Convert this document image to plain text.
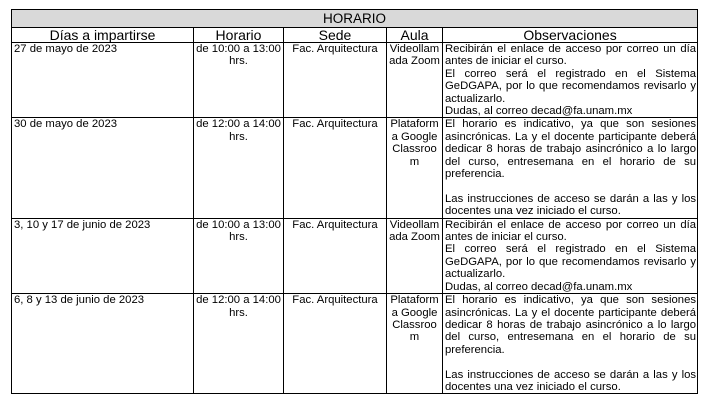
HORARIO				
Días a impartirse	Horario	Sede	Aula	Observaciones
27 de mayo de 2023	de 10:00 a 13:00 hrs.	Fac. Arquitectura	Videollamada Zoom	Recibirán el enlace de acceso por correo un día antes de iniciar el curso.
El correo será el registrado en el Sistema GeDGAPA, por lo que recomendamos revisarlo y actualizarlo.
Dudas, al correo decad@fa.unam.mx

30 de mayo de 2023	de 12:00 a 14:00 hrs.	Fac. Arquitectura	Plataforma Google Classroom	El horario es indicativo, ya que son sesiones asincrónicas. La y el docente participante deberá dedicar 8 horas de trabajo asincrónico a lo largo del curso, entresemana en el horario de su preferencia.
Las instrucciones de acceso se darán a las y los docentes una vez iniciado el curso.

3, 10 y 17 de junio de 2023	de 10:00 a 13:00 hrs.	Fac. Arquitectura	Videollamada Zoom	Recibirán el enlace de acceso por correo un día antes de iniciar el curso.
El correo será el registrado en el Sistema GeDGAPA, por lo que recomendamos revisarlo y actualizarlo.
Dudas, al correo decad@fa.unam.mx

6, 8 y 13 de junio de 2023	de 12:00 a 14:00 hrs.	Fac. Arquitectura	Plataforma Google Classroom	El horario es indicativo, ya que son sesiones asincrónicas. La y el docente participante deberá dedicar 8 horas de trabajo asincrónico a lo largo del curso, entresemana en el horario de su preferencia.
Las instrucciones de acceso se darán a las y los docentes una vez iniciado el curso.
